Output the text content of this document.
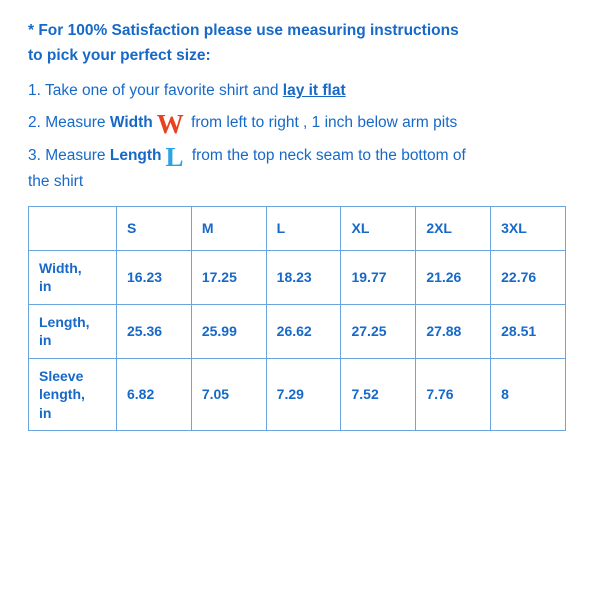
* For 100% Satisfaction please use measuring instructions
to pick your perfect size:
1. Take one of your favorite shirt and lay it flat
2. Measure Width W from left to right , 1 inch below arm pits
3. Measure Length L from the top neck seam to the bottom of
the shirt
	S	M	L	XL	2XL	3XL

Width,
in	16.23	17.25	18.23	19.77	21.26	22.76

Length,
in	25.36	25.99	26.62	27.25	27.88	28.51

Sleeve
length,
in	6.82	7.05	7.29	7.52	7.76	8
